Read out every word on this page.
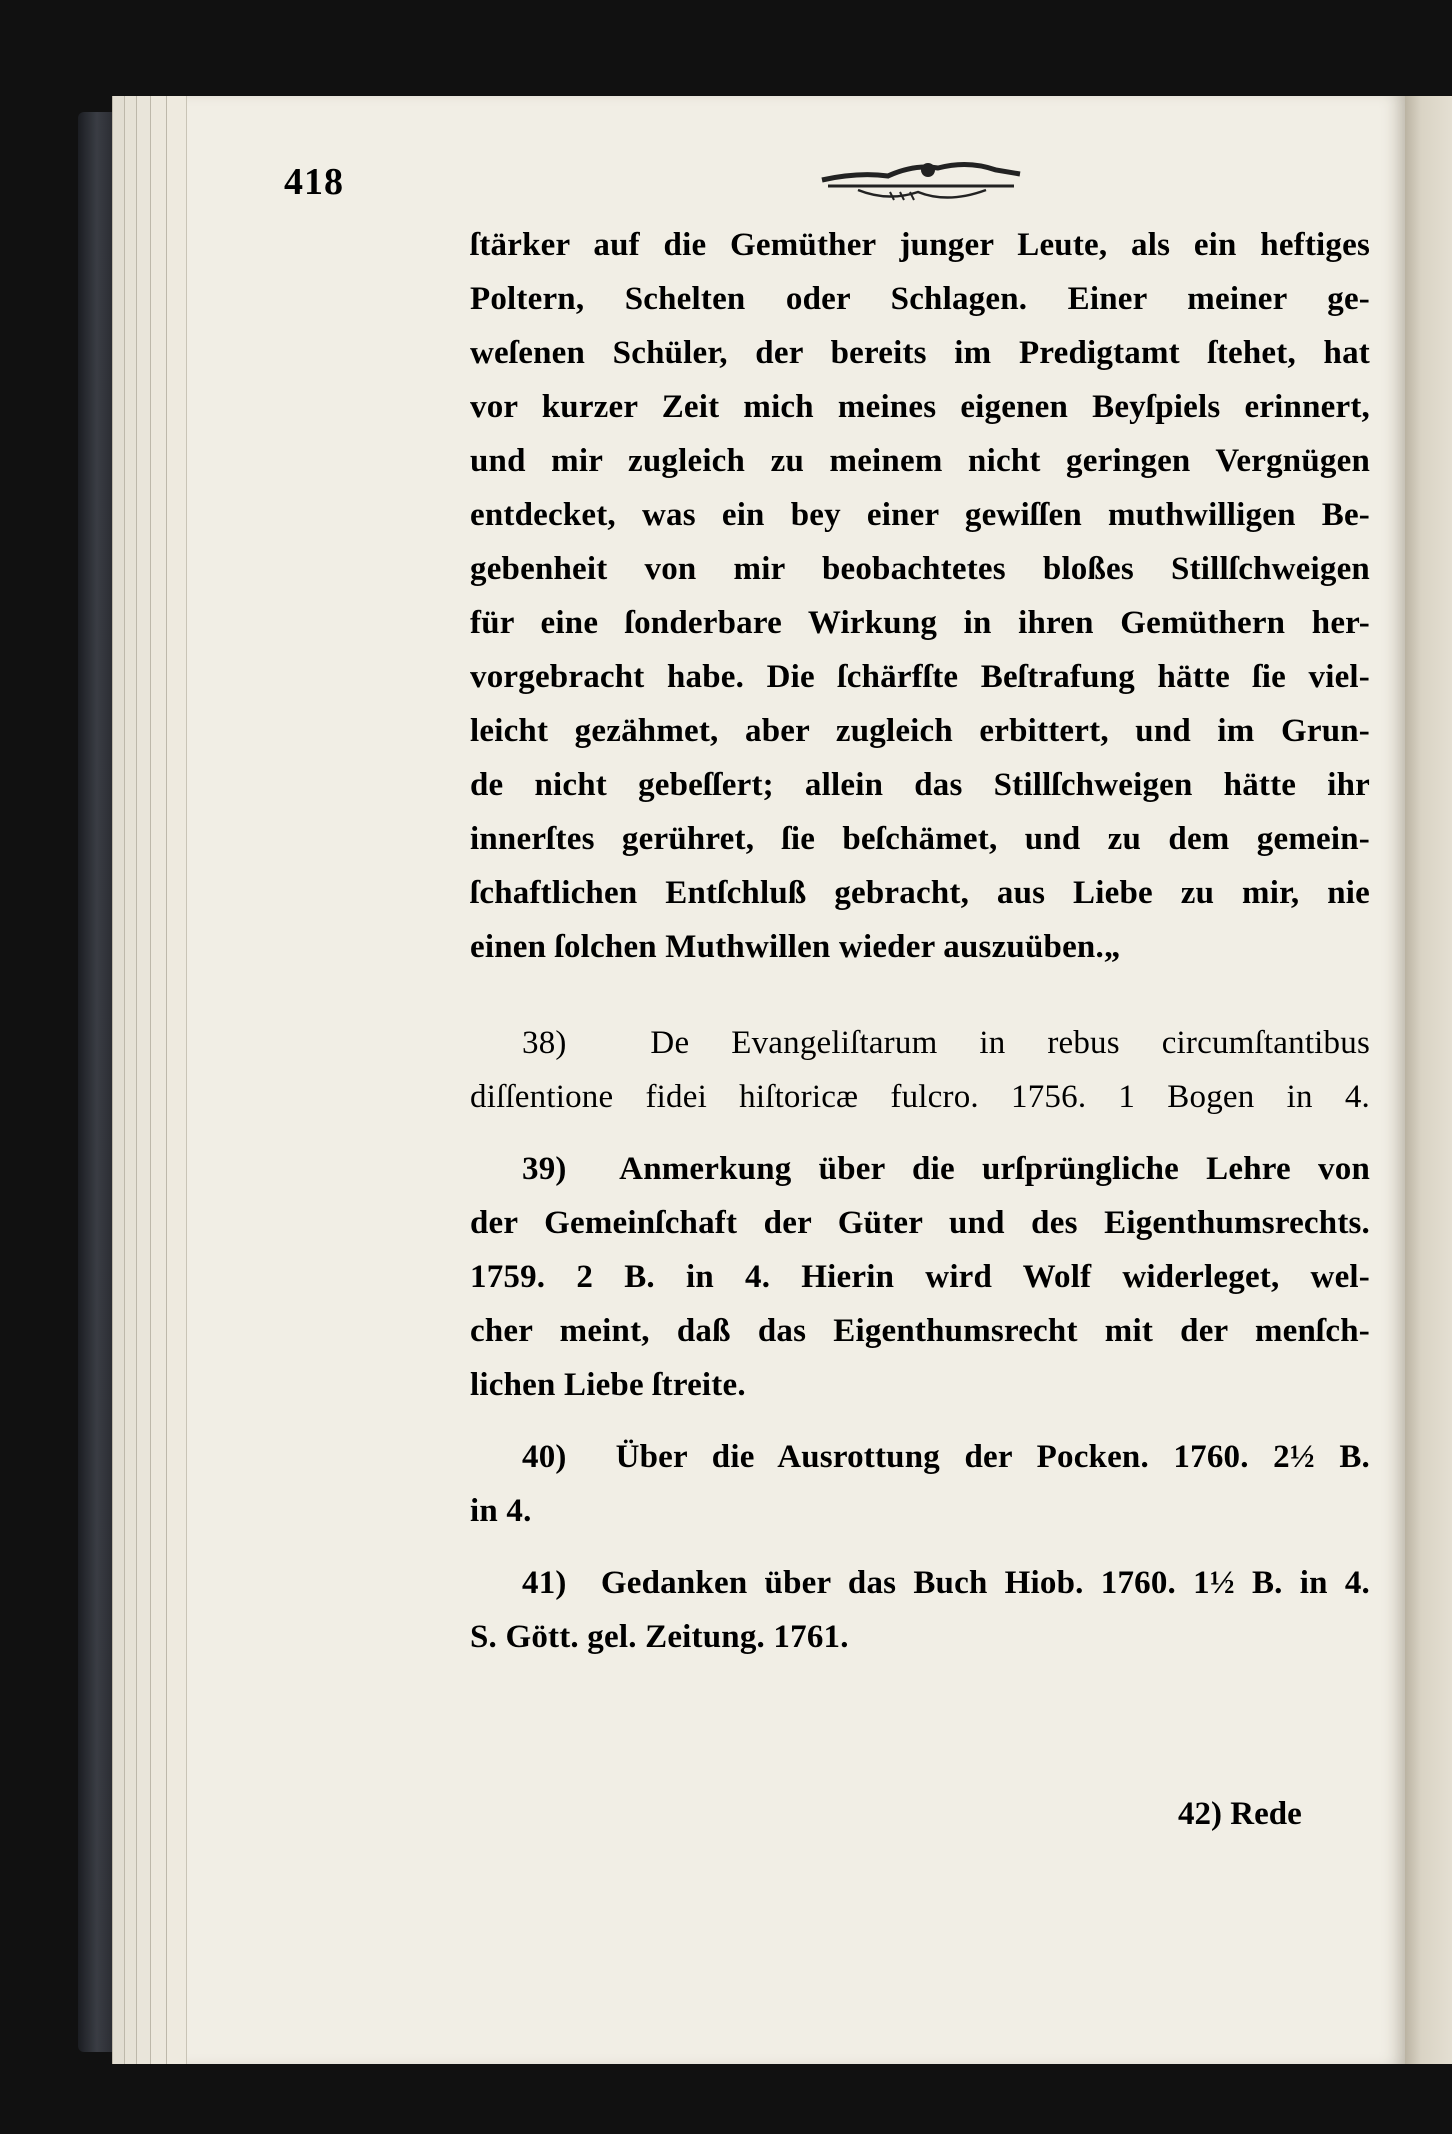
418
ſtärker auf die Gemüther junger Leute, als ein heftiges
Poltern, Schelten oder Schlagen. Einer meiner ge-
weſenen Schüler, der bereits im Predigtamt ſtehet, hat
vor kurzer Zeit mich meines eigenen Beyſpiels erinnert,
und mir zugleich zu meinem nicht geringen Vergnügen
entdecket, was ein bey einer gewiſſen muthwilligen Be-
gebenheit von mir beobachtetes bloßes Stillſchweigen
für eine ſonderbare Wirkung in ihren Gemüthern her-
vorgebracht habe. Die ſchärfſte Beſtrafung hätte ſie viel-
leicht gezähmet, aber zugleich erbittert, und im Grun-
de nicht gebeſſert; allein das Stillſchweigen hätte ihr
innerſtes gerühret, ſie beſchämet, und zu dem gemein-
ſchaftlichen Entſchluß gebracht, aus Liebe zu mir, nie
einen ſolchen Muthwillen wieder auszuüben.„
38)  De Evangeliſtarum in rebus circumſtantibus
diſſentione fidei hiſtoricæ fulcro. 1756. 1 Bogen in 4.
39)  Anmerkung über die urſprüngliche Lehre von
der Gemeinſchaft der Güter und des Eigenthumsrechts.
1759. 2 B. in 4. Hierin wird Wolf widerleget, wel-
cher meint, daß das Eigenthumsrecht mit der menſch-
lichen Liebe ſtreite.
40)  Über die Ausrottung der Pocken. 1760. 2½ B.
in 4.
41)  Gedanken über das Buch Hiob. 1760. 1½ B. in 4.
S. Gött. gel. Zeitung. 1761.
42) Rede
